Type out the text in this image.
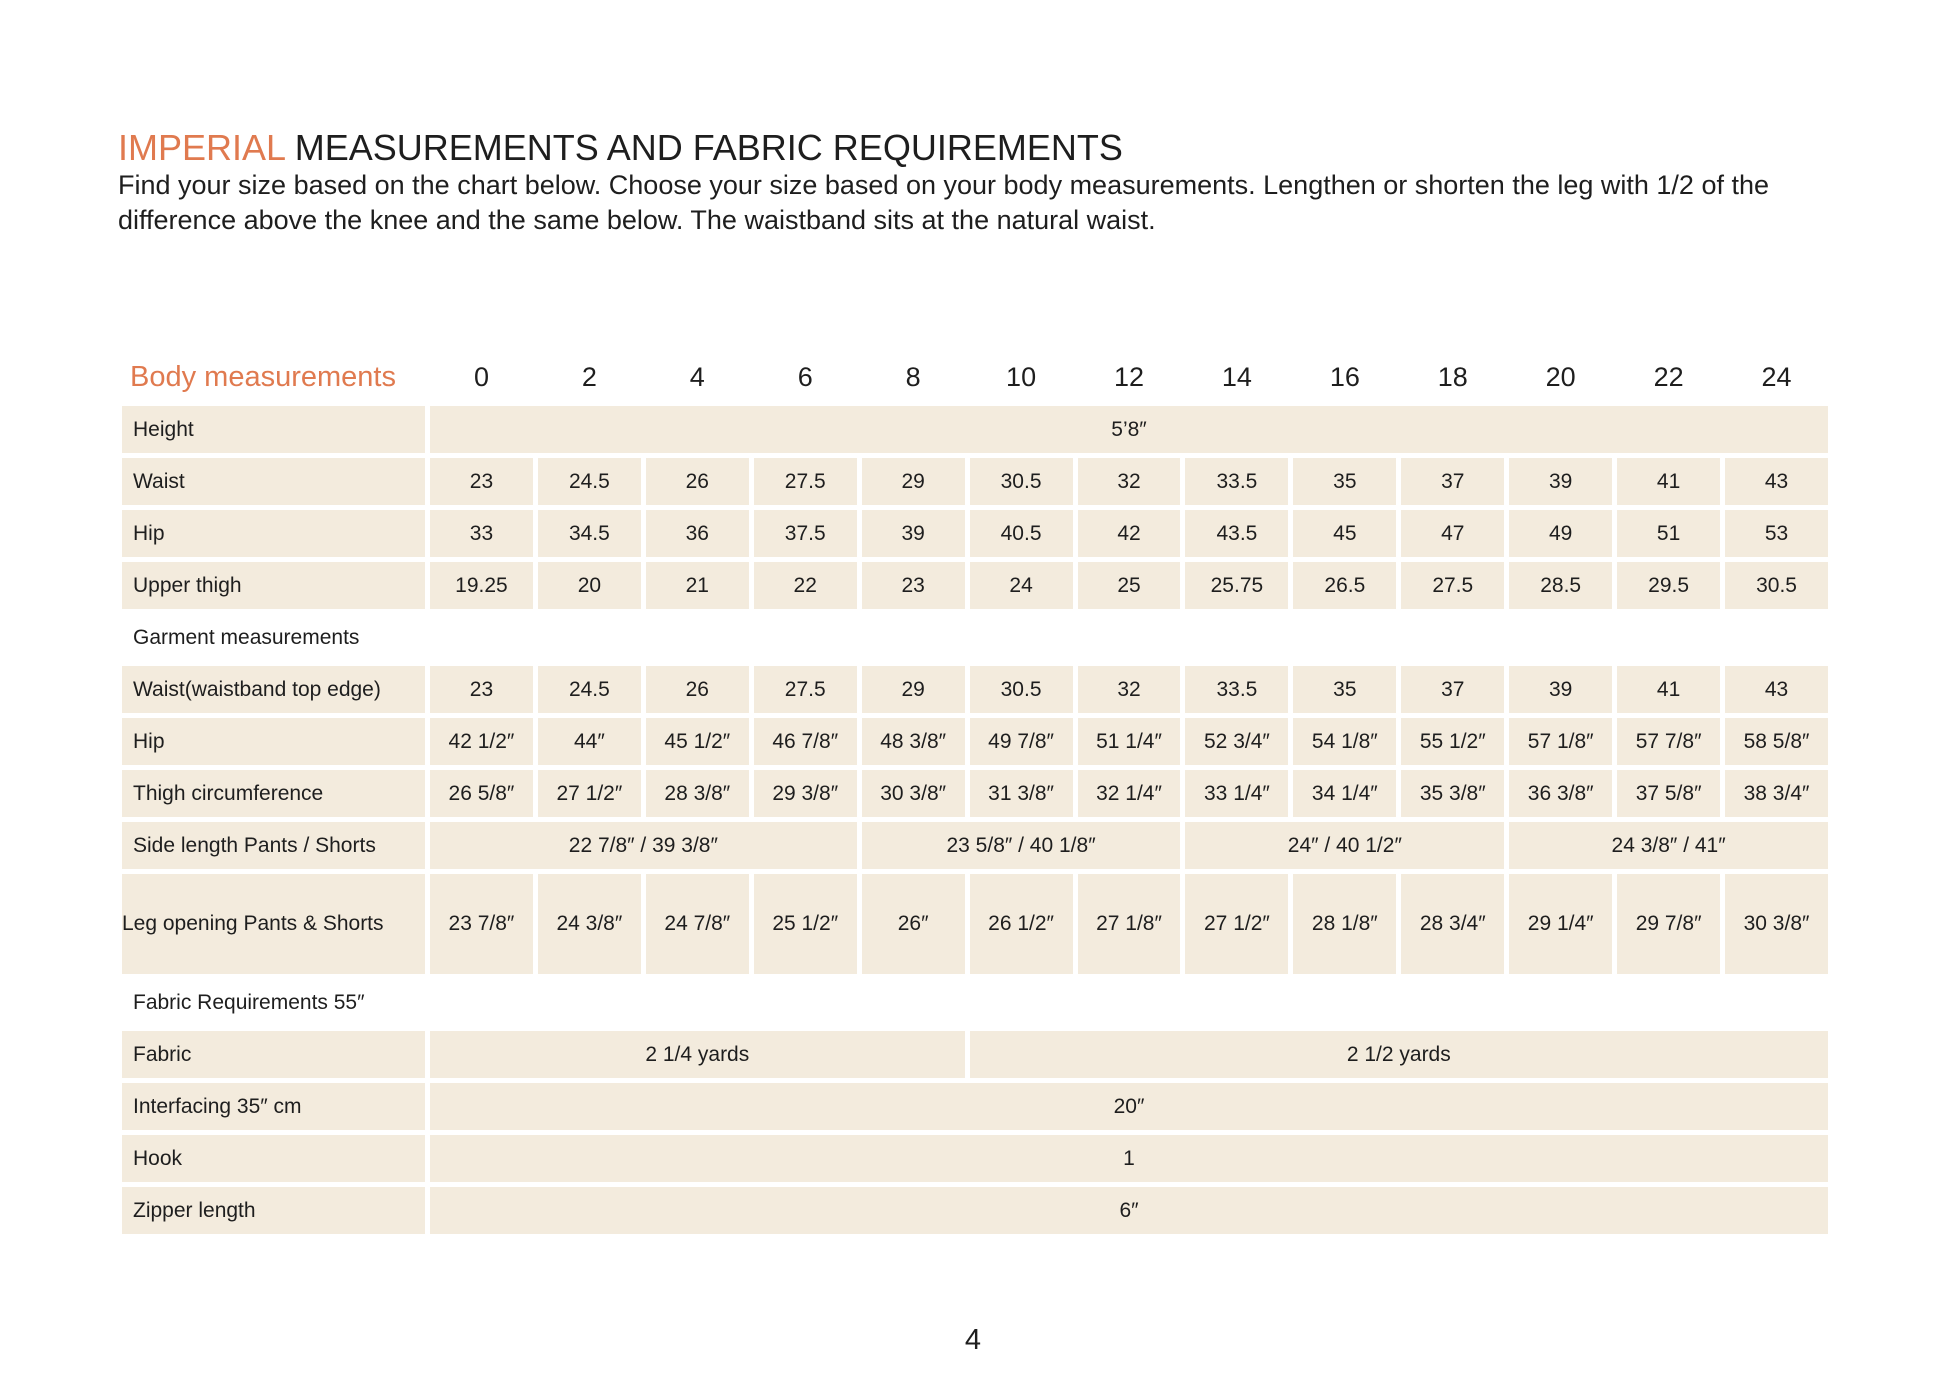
IMPERIAL MEASUREMENTS AND FABRIC REQUIREMENTS
Find your size based on the chart below. Choose your size based on your body measurements. Lengthen or shorten the leg with 1/2 of the difference above the knee and the same below. The waistband sits at the natural waist.
Body measurements	0	2	4	6	8	10	12	14	16	18	20	22	24
Height	5’8″												
Waist	23	24.5	26	27.5	29	30.5	32	33.5	35	37	39	41	43
Hip	33	34.5	36	37.5	39	40.5	42	43.5	45	47	49	51	53
Upper thigh	19.25	20	21	22	23	24	25	25.75	26.5	27.5	28.5	29.5	30.5
Garment measurements													
Waist(waistband top edge)	23	24.5	26	27.5	29	30.5	32	33.5	35	37	39	41	43
Hip	42 1/2″	44″	45 1/2″	46 7/8″	48 3/8″	49 7/8″	51 1/4″	52 3/4″	54 1/8″	55 1/2″	57 1/8″	57 7/8″	58 5/8″
Thigh circumference	26 5/8″	27 1/2″	28 3/8″	29 3/8″	30 3/8″	31 3/8″	32 1/4″	33 1/4″	34 1/4″	35 3/8″	36 3/8″	37 5/8″	38 3/4″
Side length Pants / Shorts	22 7/8″ / 39 3/8″				23 5/8″ / 40 1/8″			24″ / 40 1/2″			24 3/8″ / 41″		
Leg opening Pants & Shorts	23 7/8″	24 3/8″	24 7/8″	25 1/2″	26″	26 1/2″	27 1/8″	27 1/2″	28 1/8″	28 3/4″	29 1/4″	29 7/8″	30 3/8″
Fabric Requirements 55″													
Fabric	2 1/4 yards					2 1/2 yards							
Interfacing 35″ cm	20″												
Hook	1												
Zipper length	6″												
4
